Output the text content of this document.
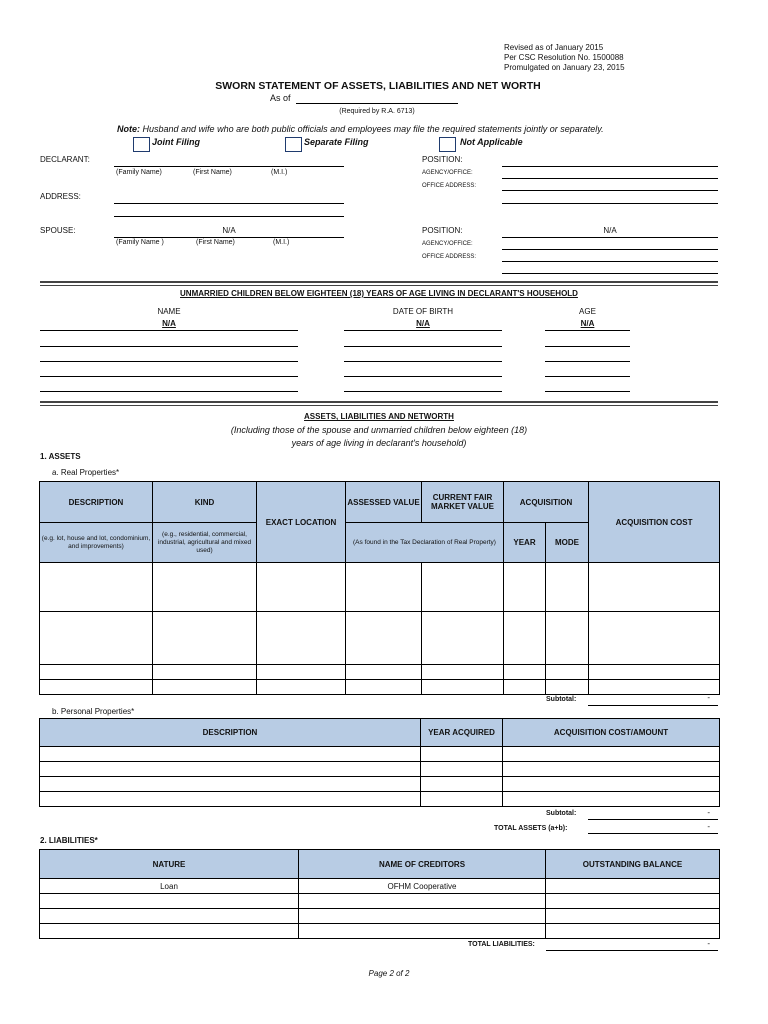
Revised as of January 2015
Per CSC Resolution No. 1500088
Promulgated on January 23, 2015
SWORN STATEMENT OF ASSETS, LIABILITIES AND NET WORTH
As of
(Required by R.A. 6713)
Note: Husband and wife who are both public officials and employees may file the required statements jointly or separately.
Joint Filing	Separate Filing	Not Applicable
DECLARANT:
(Family Name)	(First Name)	(M.I.)
POSITION:
AGENCY/OFFICE:
OFFICE ADDRESS:
ADDRESS:
SPOUSE:	N/A
(Family Name )	(First Name)	(M.I.)
POSITION:	N/A
AGENCY/OFFICE:
OFFICE ADDRESS:
UNMARRIED CHILDREN BELOW EIGHTEEN (18) YEARS OF AGE LIVING IN DECLARANT'S HOUSEHOLD
NAME	DATE OF BIRTH	AGE
N/A	N/A	N/A
ASSETS, LIABILITIES AND NETWORTH
(Including those of the spouse and unmarried children below eighteen (18)
years of age living in declarant's household)
1. ASSETS
a. Real Properties*
DESCRIPTION	KIND	EXACT LOCATION	ASSESSED VALUE	CURRENT FAIR MARKET VALUE	ACQUISITION		ACQUISITION COST
(e.g. lot, house and lot, condominium, and improvements)	(e.g., residential, commercial, industrial, agricultural and mixed used)		(As found in the Tax Declaration of Real Property)		YEAR	MODE	

Subtotal:	-
b. Personal Properties*
DESCRIPTION	YEAR ACQUIRED	ACQUISITION COST/AMOUNT

Subtotal:	-
TOTAL ASSETS (a+b):	-
2. LIABILITIES*
NATURE	NAME OF CREDITORS	OUTSTANDING BALANCE
Loan	OFHM Cooperative	

TOTAL LIABILITIES:	-
Page 2 of 2
